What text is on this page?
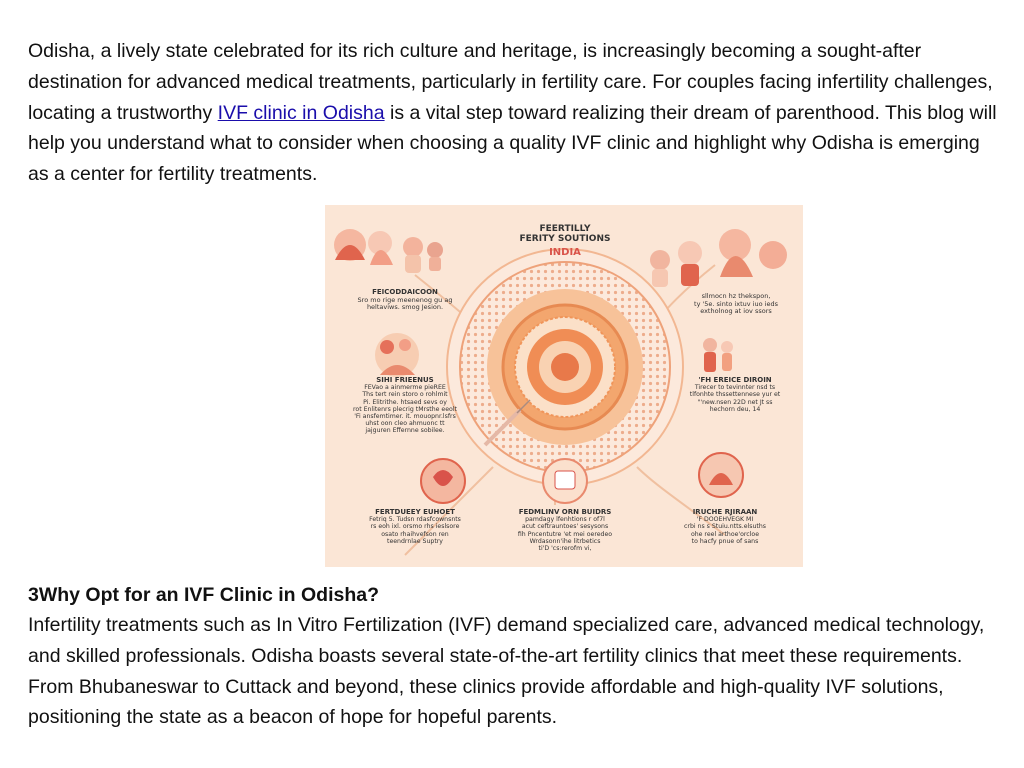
Odisha, a lively state celebrated for its rich culture and heritage, is increasingly becoming a sought-after destination for advanced medical treatments, particularly in fertility care. For couples facing infertility challenges, locating a trustworthy IVF clinic in Odisha is a vital step toward realizing their dream of parenthood. This blog will help you understand what to consider when choosing a quality IVF clinic and highlight why Odisha is emerging as a center for fertility treatments.

FEERTILLY
FERITY SOUTIONS
INDIA
FEICODDAICOON
Sro mo rige meenenog gu ag
heltaviws. smog Jesion.
sllmocn hz thekspon,
ty '5e. sinto ixtuv iuo ieds
extholnog at iov ssors
SIHI FRIEENUS
FEVao a ainmerme pieREE
Ths tert rein storo o rohlmit
Pi. Elitrithe. htsaed sevs oy
rot Enlitenrs plecrig tMrsthe eeolt
'Fi ansfemtimer. it. mouopnr.lsfrs
uhst oon cleo ahmuonc tt
jajguren Effernne sobilee.
'FH EREICE DIROIN
Tirecer to tevinnter nsd ts
tlfonhte thssettennese yur et
"'new.nsen 22D net Jt ss
hechorn deu, 14
FERTDUEEY EUHOET
Fetriq 5. Tudsn rdasfcownsnts
rs eoh ixl. orsmo rhs ieslsore
osato rhaihvefson ren
teendrnlae Suptry
FEDMLINV ORN BUIDRS
pamdagy lfenhtions r of7l
acut ceftrauntoes' sesysons
fih Pncentutre 'et mei oeredeo
Wrdasonn'ihe litrbetics
ti'D 'cs:rerofm vi,
IRUCHE RJIRAAN
'F DOOEHVEGK MI
crbi ns s Stuiu.ntts.elsuths
ohe reel arthoe'orcloe
to hacfy pnue of sans
3Why Opt for an IVF Clinic in Odisha?

Infertility treatments such as In Vitro Fertilization (IVF) demand specialized care, advanced medical technology, and skilled professionals. Odisha boasts several state-of-the-art fertility clinics that meet these requirements. From Bhubaneswar to Cuttack and beyond, these clinics provide affordable and high-quality IVF solutions, positioning the state as a beacon of hope for hopeful parents.
